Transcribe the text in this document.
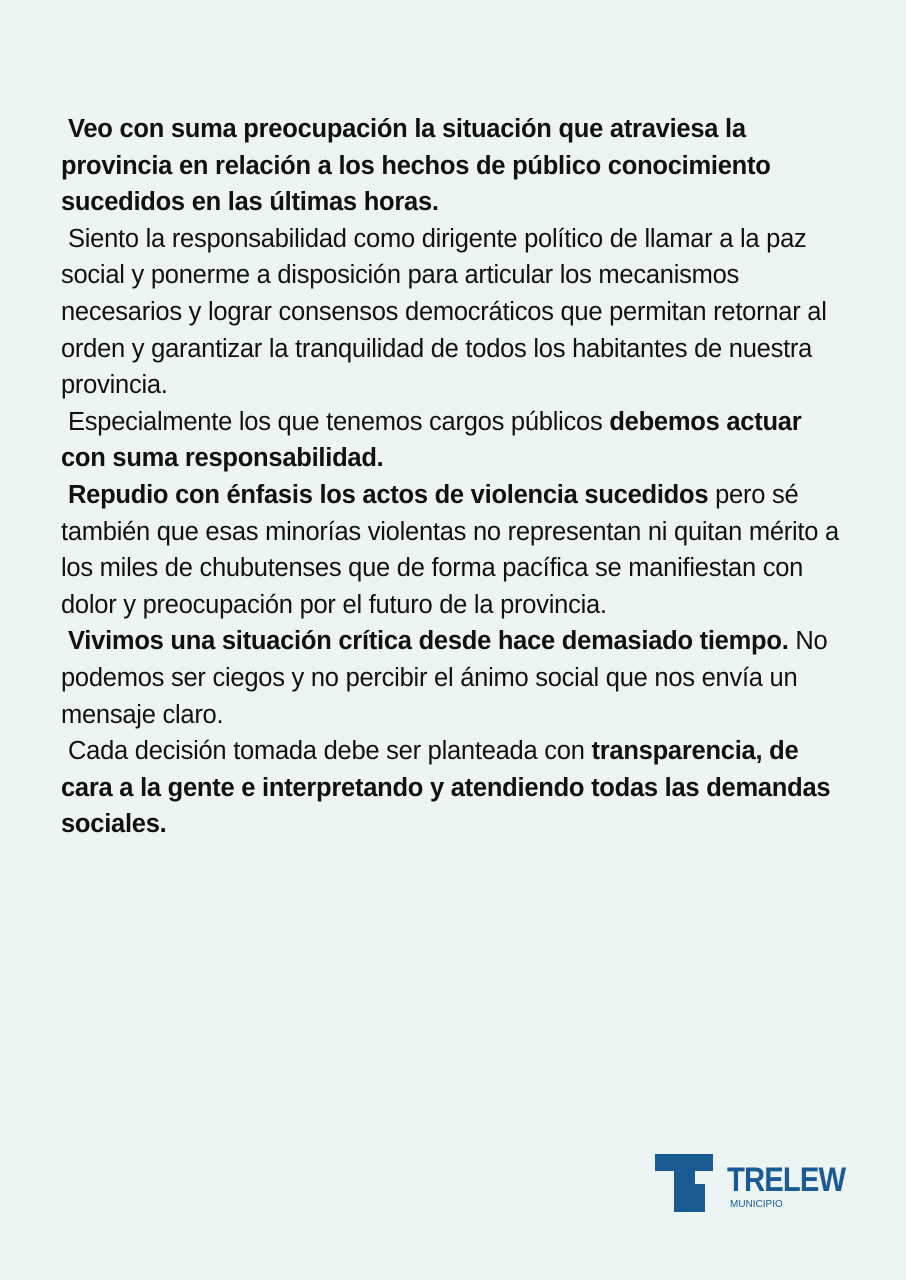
Veo con suma preocupación la situación que atraviesa la provincia en relación a los hechos de público conocimiento sucedidos en las últimas horas.

Siento la responsabilidad como dirigente político de llamar a la paz social y ponerme a disposición para articular los mecanismos necesarios y lograr consensos democráticos que permitan retornar al orden y garantizar la tranquilidad de todos los habitantes de nuestra provincia.

Especialmente los que tenemos cargos públicos debemos actuar con suma responsabilidad.

Repudio con énfasis los actos de violencia sucedidos pero sé también que esas minorías violentas no representan ni quitan mérito a los miles de chubutenses que de forma pacífica se manifiestan con dolor y preocupación por el futuro de la provincia.

Vivimos una situación crítica desde hace demasiado tiempo. No podemos ser ciegos y no percibir el ánimo social que nos envía un mensaje claro.

Cada decisión tomada debe ser planteada con transparencia, de cara a la gente e interpretando y atendiendo todas las demandas sociales.

TRELEW
MUNICIPIO
